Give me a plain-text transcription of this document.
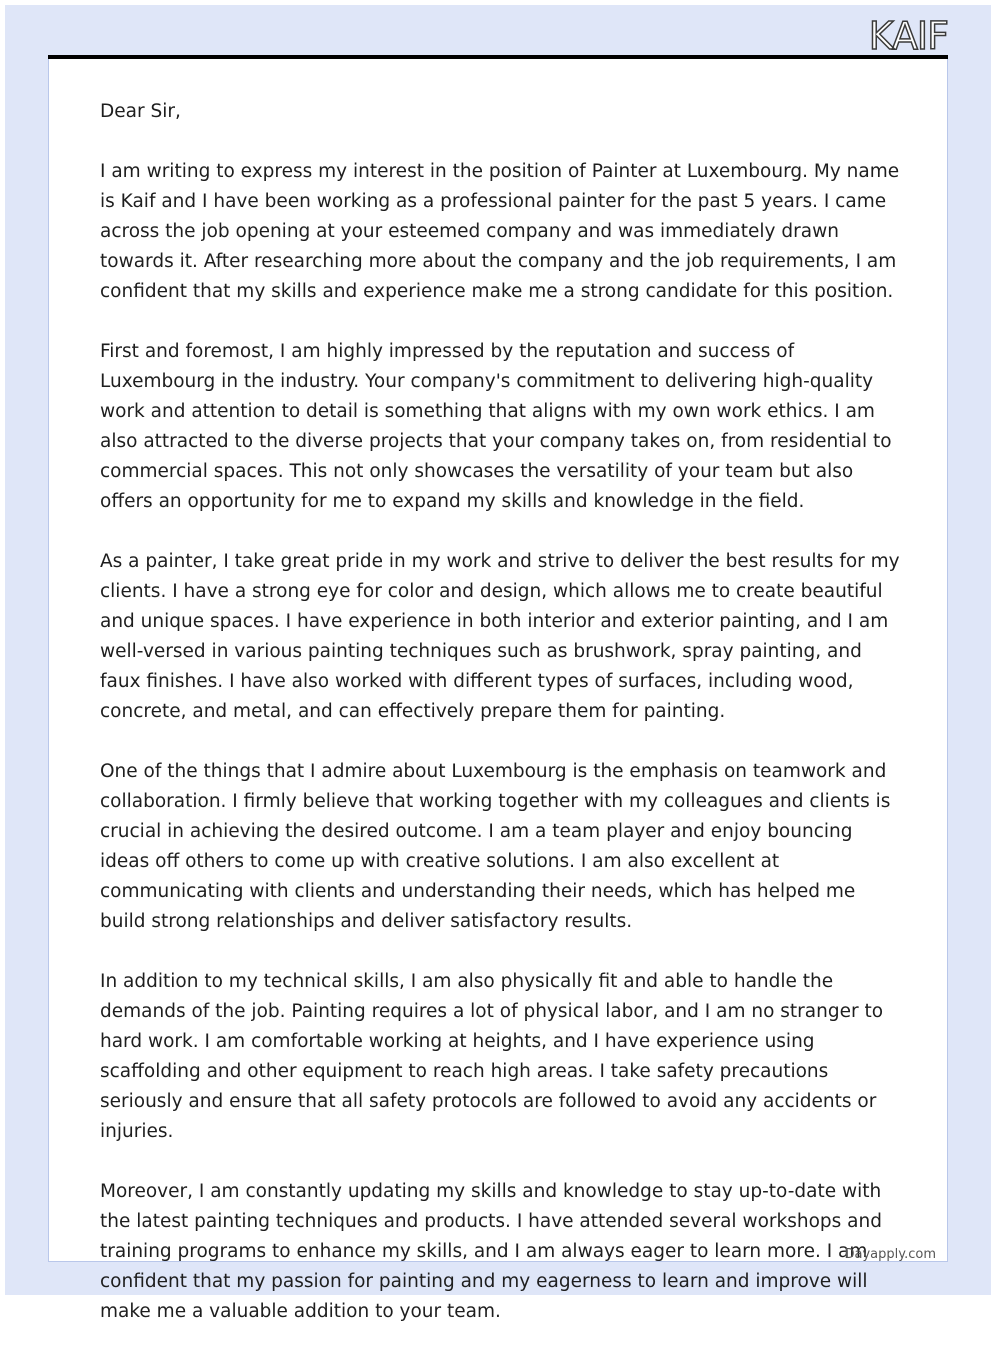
KAIF

Dear Sir,

I am writing to express my interest in the position of Painter at Luxembourg. My name is Kaif and I have been working as a professional painter for the past 5 years. I came across the job opening at your esteemed company and was immediately drawn towards it. After researching more about the company and the job requirements, I am confident that my skills and experience make me a strong candidate for this position.

First and foremost, I am highly impressed by the reputation and success of Luxembourg in the industry. Your company's commitment to delivering high-quality work and attention to detail is something that aligns with my own work ethics. I am also attracted to the diverse projects that your company takes on, from residential to commercial spaces. This not only showcases the versatility of your team but also offers an opportunity for me to expand my skills and knowledge in the field.

As a painter, I take great pride in my work and strive to deliver the best results for my clients. I have a strong eye for color and design, which allows me to create beautiful and unique spaces. I have experience in both interior and exterior painting, and I am well-versed in various painting techniques such as brushwork, spray painting, and faux finishes. I have also worked with different types of surfaces, including wood, concrete, and metal, and can effectively prepare them for painting.

One of the things that I admire about Luxembourg is the emphasis on teamwork and collaboration. I firmly believe that working together with my colleagues and clients is crucial in achieving the desired outcome. I am a team player and enjoy bouncing ideas off others to come up with creative solutions. I am also excellent at communicating with clients and understanding their needs, which has helped me build strong relationships and deliver satisfactory results.

In addition to my technical skills, I am also physically fit and able to handle the demands of the job. Painting requires a lot of physical labor, and I am no stranger to hard work. I am comfortable working at heights, and I have experience using scaffolding and other equipment to reach high areas. I take safety precautions seriously and ensure that all safety protocols are followed to avoid any accidents or injuries.

Moreover, I am constantly updating my skills and knowledge to stay up-to-date with the latest painting techniques and products. I have attended several workshops and training programs to enhance my skills, and I am always eager to learn more. I am confident that my passion for painting and my eagerness to learn and improve will make me a valuable addition to your team.

Dayapply.com
